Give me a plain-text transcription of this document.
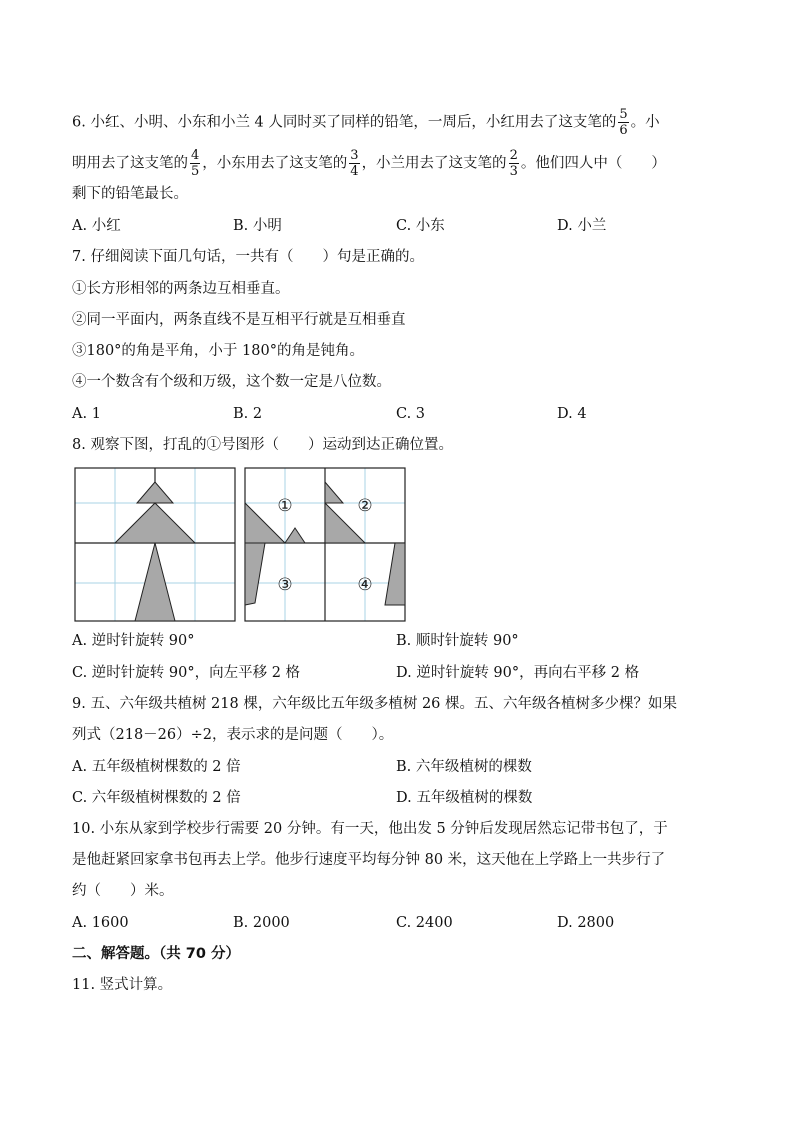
6. 小红、小明、小东和小兰 4 人同时买了同样的铅笔，一周后，小红用去了这支笔的 $\frac{5}{6}$ 。小
明用去了这支笔的 $\frac{4}{5}$ ，小东用去了这支笔的 $\frac{3}{4}$ ，小兰用去了这支笔的 $\frac{2}{3}$ 。他们四人中（　　）
剩下的铅笔最长。
A. 小红	B. 小明	C. 小东	D. 小兰
7. 仔细阅读下面几句话，一共有（　　）句是正确的。
①长方形相邻的两条边互相垂直。
②同一平面内，两条直线不是互相平行就是互相垂直
③180°的角是平角，小于 180°的角是钝角。
④一个数含有个级和万级，这个数一定是八位数。
A. 1	B. 2	C. 3	D. 4
8. 观察下图，打乱的①号图形（　　）运动到达正确位置。
①	②
③	④
A. 逆时针旋转 90°	B. 顺时针旋转 90°
C. 逆时针旋转 90°，向左平移 2 格	D. 逆时针旋转 90°，再向右平移 2 格
9. 五、六年级共植树 218 棵，六年级比五年级多植树 26 棵。五、六年级各植树多少棵？如果
列式（218－26）÷2，表示求的是问题（　　）。
A. 五年级植树棵数的 2 倍	B. 六年级植树的棵数
C. 六年级植树棵数的 2 倍	D. 五年级植树的棵数
10. 小东从家到学校步行需要 20 分钟。有一天，他出发 5 分钟后发现居然忘记带书包了，于
是他赶紧回家拿书包再去上学。他步行速度平均每分钟 80 米，这天他在上学路上一共步行了
约（　　）米。
A. 1600	B. 2000	C. 2400	D. 2800
二、解答题。（共 70 分）
11. 竖式计算。
